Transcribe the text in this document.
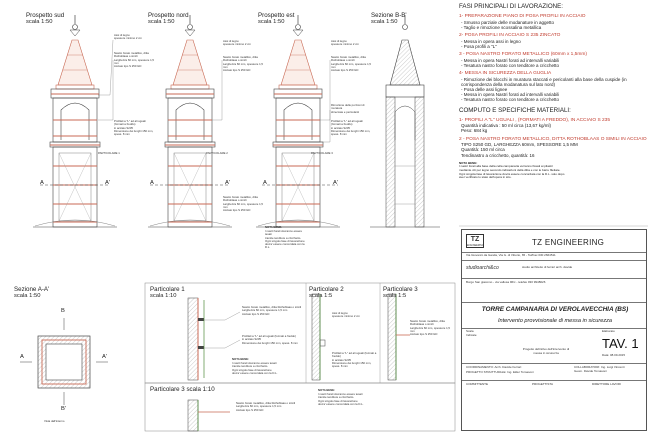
Prospetto sud
scala 1:50
Prospetto nord
scala 1:50
Prospetto est
scala 1:50
Sezione B-B'
scala 1:50
Sezione A-A'
scala 1:50
Particolare 1
scala 1:10
Particolare 2
scala 1:5
Particolare 3
scala 1:5
Particolare 3 scala 1:10
PARTICOLARE 1	PARTICOLARE 2	PARTICOLARE 3
A	A'	A	A'	A	A'
B
B'
A	A'
Vista dall'interno
Assi di legno
spessore minimo 2 cm
Nastro forato metallico, ditta Rothoblaas o simili
Larghezza 60 mm, spessore 1,5 mm
Acciaio tipo S 250 GD
Profilati a "L" ad ali uguali (formati a freddo)
in acciaio S235
Dimensione dei lunghi 150 mm, spess. 8 mm
Assi di legno
spessore minimo 2 cm
Nastro forato metallico, ditta Rothoblaas o simili
Larghezza 60 mm, spessore 1,5 mm
Acciaio tipo S 250 GD
Nastro forato metallico, ditta Rothoblaas o simili
Larghezza 60 mm, spessore 1,5 mm
Acciaio tipo S 250 GD
Assi di legno
spessore minimo 2 cm
Nastro forato metallico, ditta Rothoblaas o simili
Larghezza 60 mm, spessore 1,5 mm
Acciaio tipo S 250 GD
Rimozione delle porzioni di muratura
sbreccate e pericolanti
Profilati a "L" ad ali uguali (formati a freddo)
in acciaio S235
Dimensione dei lunghi 150 mm, spess. 8 mm
NOTA BENE:
I nastri forati dovranno essere tesati
tramite tenditore a cricchetto.
Ogni singolo fase di lavorazione
dovra' essere concordata con la D.L.
Nastro forato metallico, ditta Rothoblaas o simili
Larghezza 60 mm, spessore 1,5 mm
Acciaio tipo S 250 GD
Profilati a "L" ad ali uguali (formati a freddo)
in acciaio S235
Dimensione dei lunghi 150 mm, spess. 8 mm
NOTA BENE:
I nastri forati dovranno essere tesati
tramite tenditore a cricchetto.
Ogni singolo fase di lavorazione
dovra' essere concordata con la D.L.
Assi di legno
spessore minimo 2 cm
Profilati a "L" ad ali uguali (formati a freddo)
in acciaio S235
Dimensione dei lunghi 150 mm, spess. 8 mm
Nastro forato metallico, ditta Rothoblaas o simili
Larghezza 60 mm, spessore 1,5 mm
Acciaio tipo S 250 GD
Nastro forato metallico, ditta Rothoblaas o simili
Larghezza 60 mm, spessore 1,5 mm
Acciaio tipo S 250 GD
NOTA BENE:
I nastri forati dovranno essere tesati
tramite tenditore a cricchetto.
Ogni singolo fase di lavorazione
dovra' essere concordata con la D.L.
FASI PRINCIPALI DI LAVORAZIONE:
1- PREPARAZIONE PIANO DI POSA PROFILI IN ACCIAIO
- Smusso parziale delle modanature in aggetto
- Taglio e rimozione scossalina metallica
2- POSA PROFILI IN ACCIAIO S 235 ZINCATO
- Messa in opera assi in legno
- Posa profili a "L"
3 - POSA NASTRO FORATO METALLICO (60mm x 1,5mm)
- Messa in opera Nastri forati ad intervalli variabili
- Tesatura nastro forato con tenditore a cricchetto
4- MESSA IN SICUREZZA DELLA GUGLIA
- Rimozione dei blocchi in muratura staccati e pericolanti alla base della cuspide (in
corrispondenza della modanatura sul lato nord)
- Posa delle assi lignee
- Messa in opera Nastri forati ad intervalli variabili
- Tesatura nastro forato con tenditore a cricchetto
COMPUTO E SPECIFICHE MATERIALI:
1- PROFILI A "L" UGUALI , (FORMATI A FREDDO), IN ACCIAIO S 235
Quantità indicativa : 50 ml circa (13,67 kg/ml)
Peso: 684 kg
2 - POSA NASTRO FORATO METALLICO, DITTA ROTHOBLAAS O SIMILI IN ACCIAIO
TIPO S250 GD, LARGHEZZA 60mm, SPESSORE 1,5 MM
Quantità: 150 ml circa
Tendinastro a cricchetto, quantità: 16
NOTA BENE:
I nastri forati alla base della cella campanaria verranno fissati ai pilastri
mediante viti per legno secondo indicazioni della ditta e con le barre filettate.
Ogni singola fase di lavorazione dovrà essere concordata con la D.L. solo dopo
aver verificato lo stato dell'opera in sito.
TZ
ENGINEERING	TZ ENGINEERING
Via Giovanni da Ganda, Via G. di Vittorio, 65 - Tel/Fax 030 2664511
studioarchi&co	studio architetto di ferrari arch. davide
Borgo San giacomo - via vallosa 96/c - telefax 030 9948026
TORRE CAMPANARIA DI VEROLAVECCHIA (BS)
Intervento provvisionale di messa in sicurezza
Scala
Indicate
Elaborato
TAV. 1
Progetto definitivo dell'intervento di
messa in sicurezza
Data: 08.09.2015
COORDINAMENTO: Arch. Davide Ferrari
PROGETTO STRUTTURALE: Ing. Elder Tomasoni
COLLABORATORI: Ing. Luigi Vincenti
Geom. Davide Tomasoni
COMMITTENTE	PROGETTISTA	DIRETTORE LAVORI
